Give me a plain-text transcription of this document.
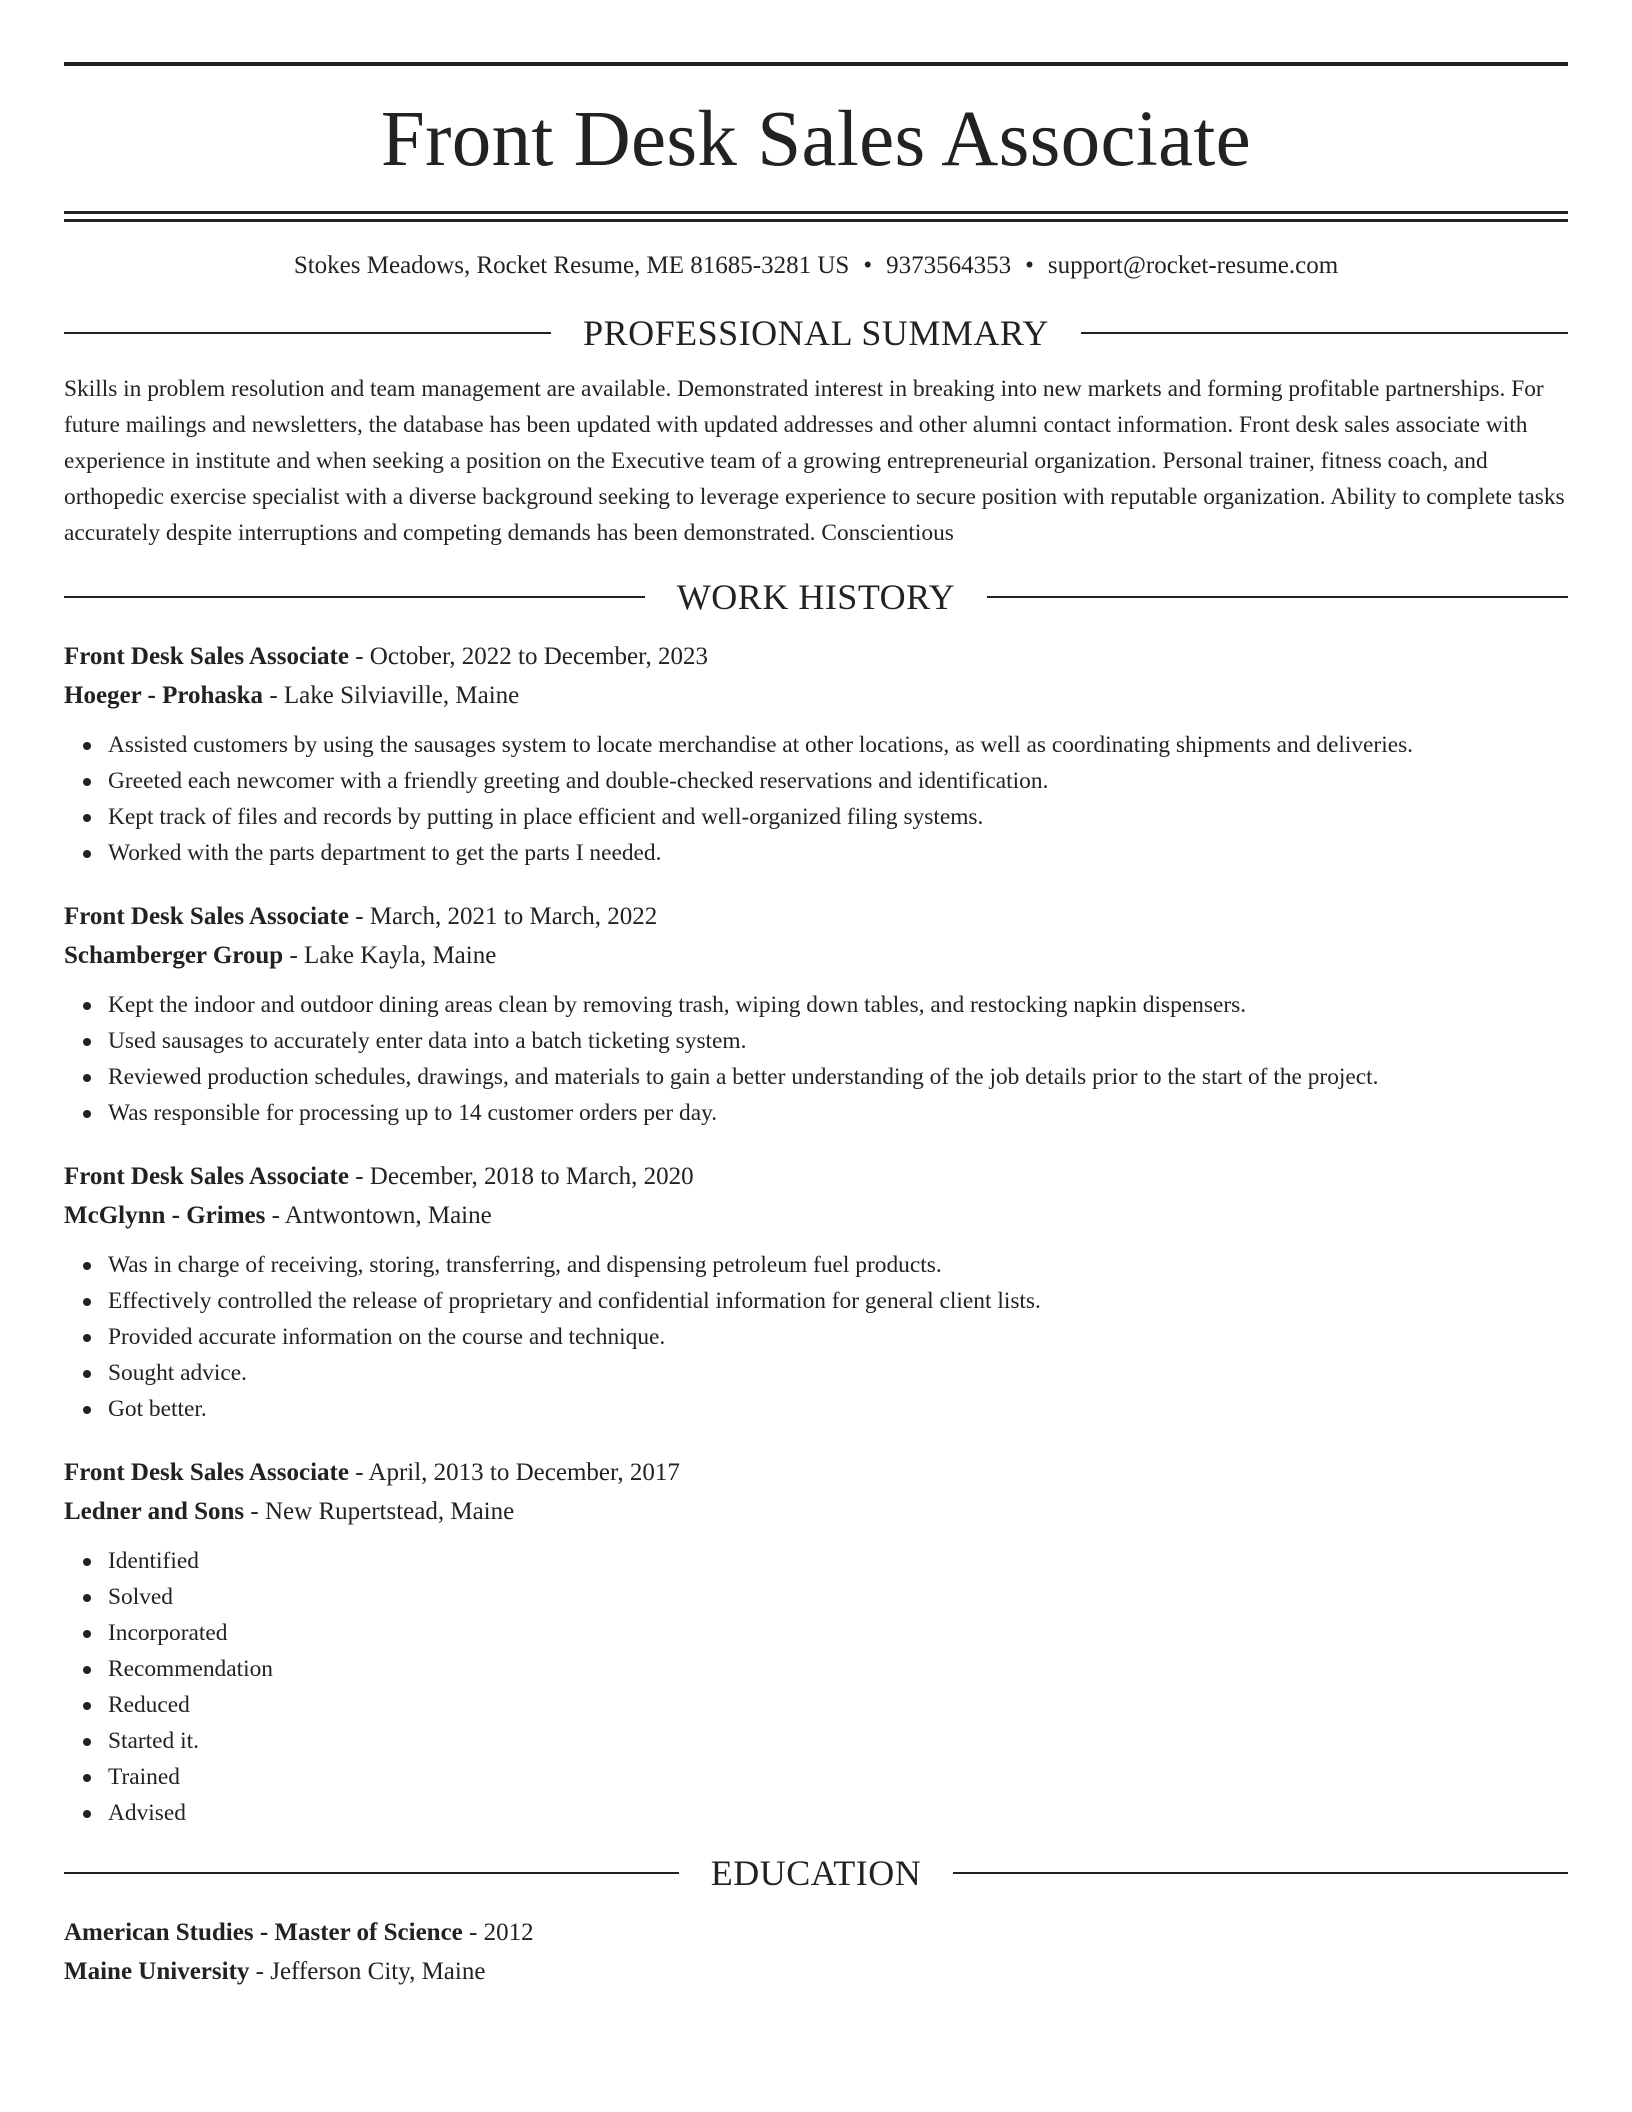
Front Desk Sales Associate
Stokes Meadows, Rocket Resume, ME 81685-3281 US • 9373564353 • support@rocket-resume.com
PROFESSIONAL SUMMARY
Skills in problem resolution and team management are available. Demonstrated interest in breaking into new markets and forming profitable partnerships. For future mailings and newsletters, the database has been updated with updated addresses and other alumni contact information. Front desk sales associate with experience in institute and when seeking a position on the Executive team of a growing entrepreneurial organization. Personal trainer, fitness coach, and orthopedic exercise specialist with a diverse background seeking to leverage experience to secure position with reputable organization. Ability to complete tasks accurately despite interruptions and competing demands has been demonstrated. Conscientious
WORK HISTORY
Front Desk Sales Associate - October, 2022 to December, 2023
Hoeger - Prohaska - Lake Silviaville, Maine
Assisted customers by using the sausages system to locate merchandise at other locations, as well as coordinating shipments and deliveries.
Greeted each newcomer with a friendly greeting and double-checked reservations and identification.
Kept track of files and records by putting in place efficient and well-organized filing systems.
Worked with the parts department to get the parts I needed.
Front Desk Sales Associate - March, 2021 to March, 2022
Schamberger Group - Lake Kayla, Maine
Kept the indoor and outdoor dining areas clean by removing trash, wiping down tables, and restocking napkin dispensers.
Used sausages to accurately enter data into a batch ticketing system.
Reviewed production schedules, drawings, and materials to gain a better understanding of the job details prior to the start of the project.
Was responsible for processing up to 14 customer orders per day.
Front Desk Sales Associate - December, 2018 to March, 2020
McGlynn - Grimes - Antwontown, Maine
Was in charge of receiving, storing, transferring, and dispensing petroleum fuel products.
Effectively controlled the release of proprietary and confidential information for general client lists.
Provided accurate information on the course and technique.
Sought advice.
Got better.
Front Desk Sales Associate - April, 2013 to December, 2017
Ledner and Sons - New Rupertstead, Maine
Identified
Solved
Incorporated
Recommendation
Reduced
Started it.
Trained
Advised
EDUCATION
American Studies - Master of Science - 2012
Maine University - Jefferson City, Maine
